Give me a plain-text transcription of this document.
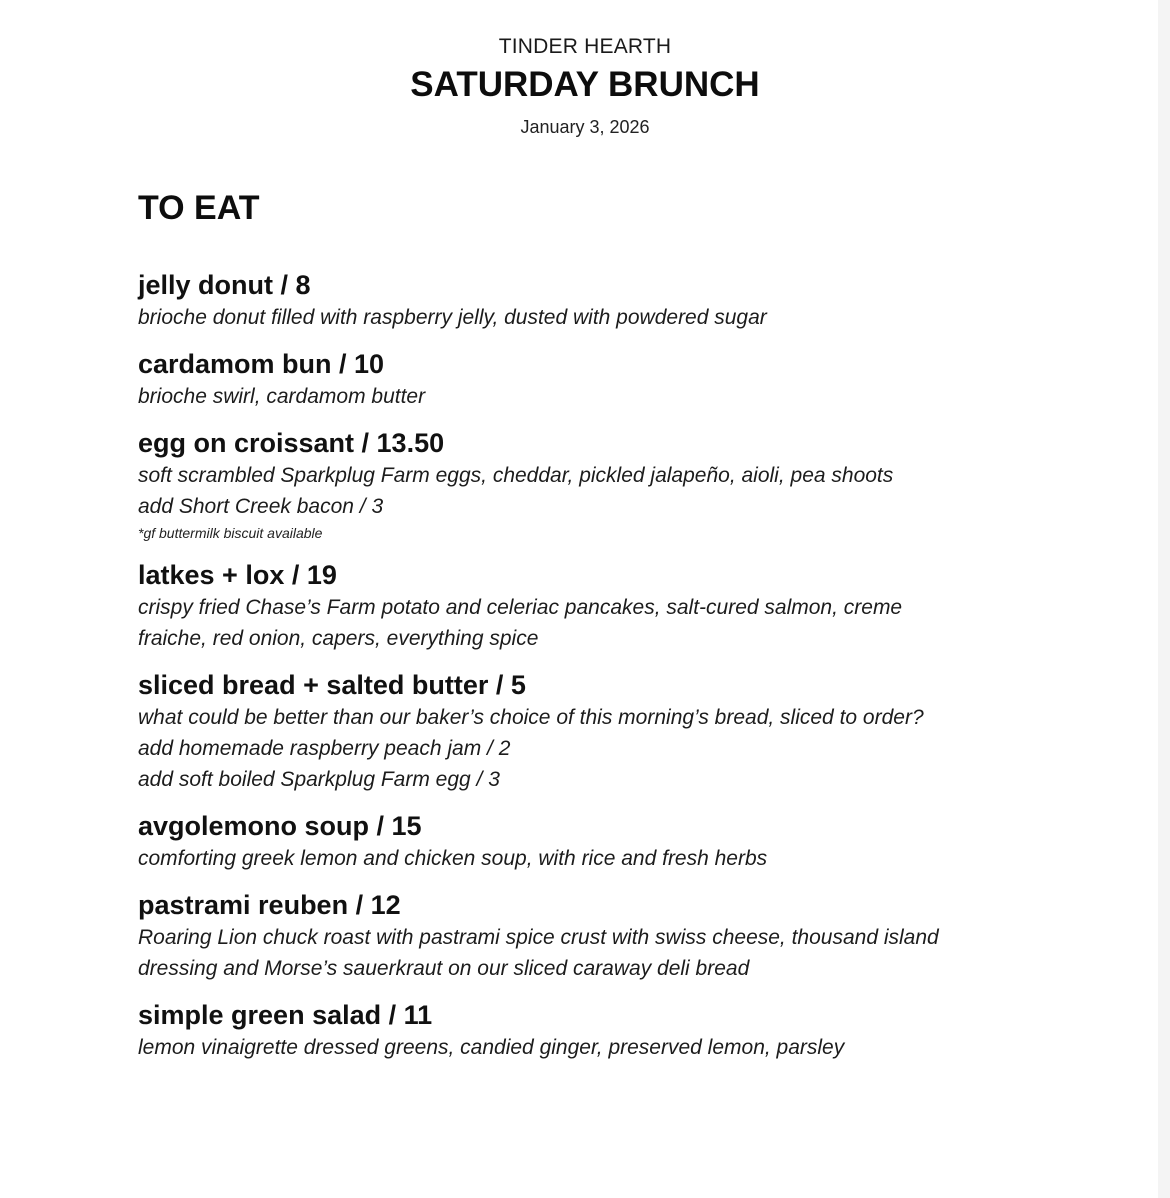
TINDER HEARTH
SATURDAY BRUNCH
January 3, 2026
TO EAT
jelly donut / 8
brioche donut filled with raspberry jelly, dusted with powdered sugar
cardamom bun / 10
brioche swirl, cardamom butter
egg on croissant / 13.50
soft scrambled Sparkplug Farm eggs, cheddar, pickled jalapeño, aioli, pea shoots
add Short Creek bacon / 3
*gf buttermilk biscuit available
latkes + lox / 19
crispy fried Chase’s Farm potato and celeriac pancakes, salt-cured salmon, creme
fraiche, red onion, capers, everything spice
sliced bread + salted butter / 5
what could be better than our baker’s choice of this morning’s bread, sliced to order?
add homemade raspberry peach jam / 2
add soft boiled Sparkplug Farm egg / 3
avgolemono soup / 15
comforting greek lemon and chicken soup, with rice and fresh herbs
pastrami reuben / 12
Roaring Lion chuck roast with pastrami spice crust with swiss cheese, thousand island
dressing and Morse’s sauerkraut on our sliced caraway deli bread
simple green salad / 11
lemon vinaigrette dressed greens, candied ginger, preserved lemon, parsley
